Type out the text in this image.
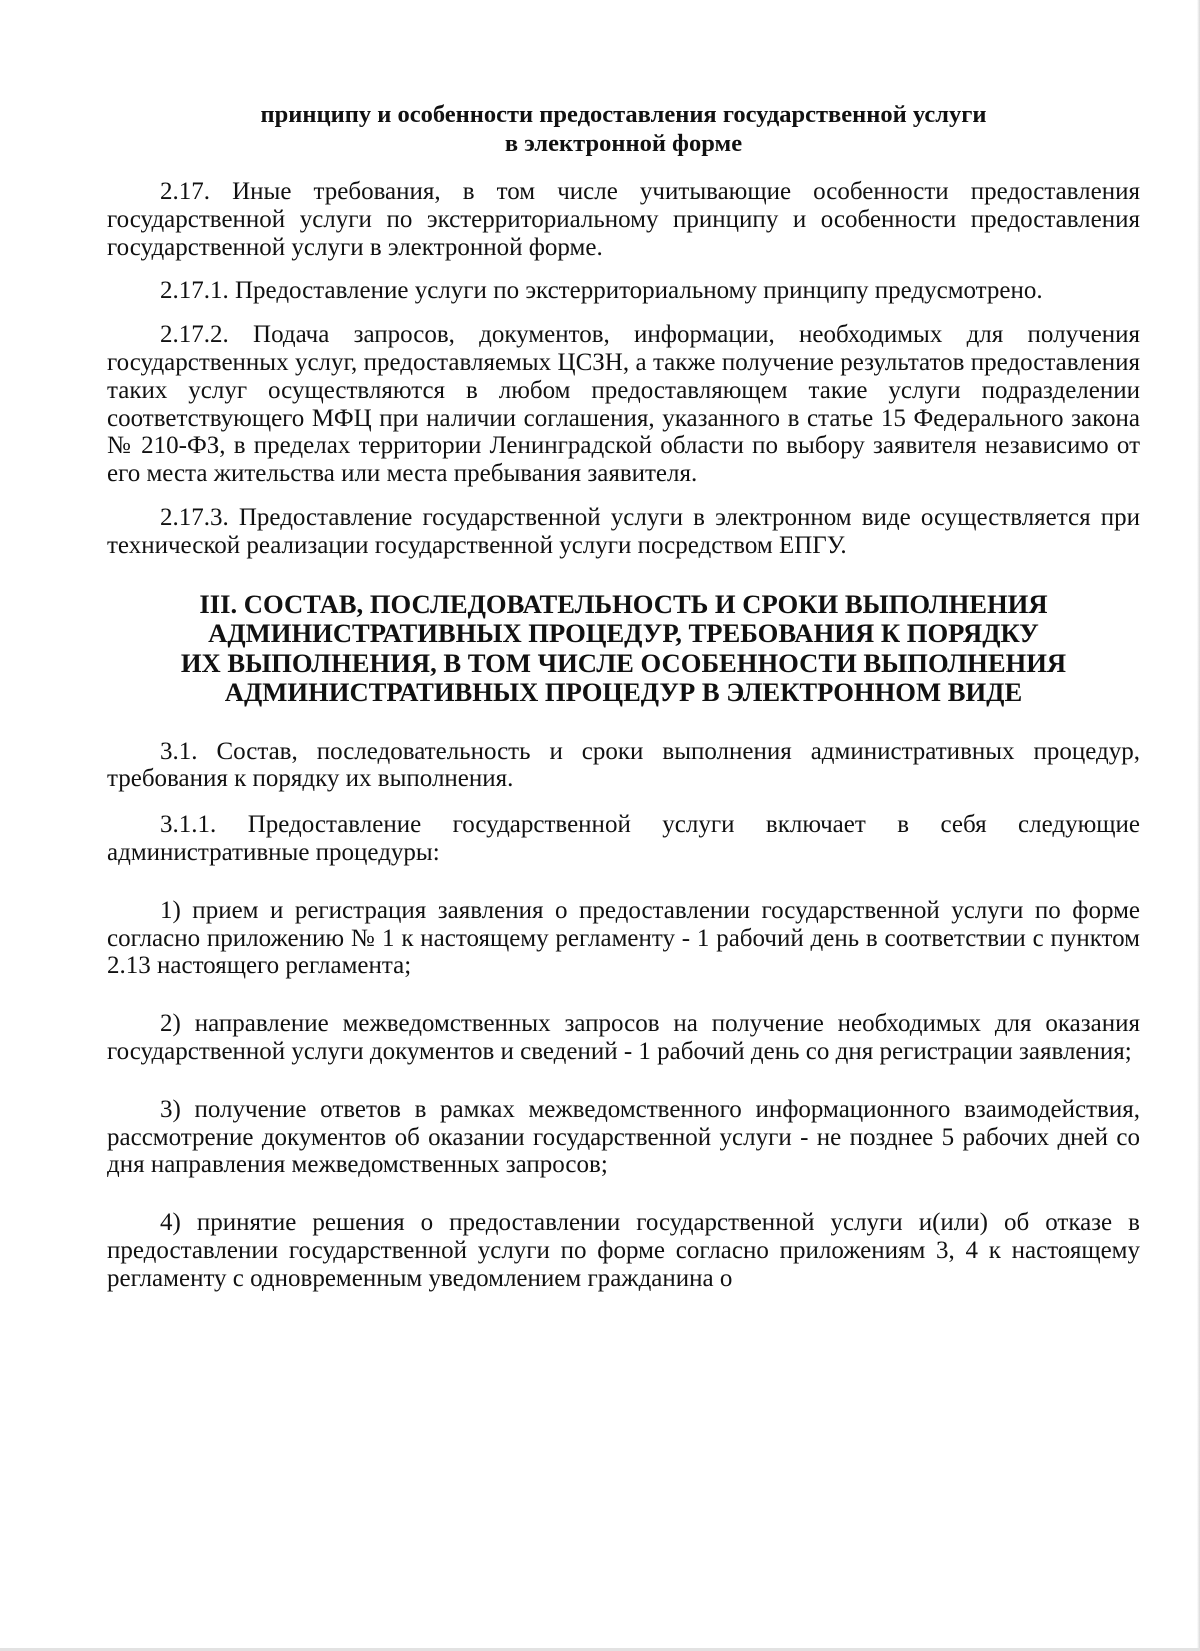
принципу и особенности предоставления государственной услуги
в электронной форме

2.17. Иные требования, в том числе учитывающие особенности предоставления государственной услуги по экстерриториальному принципу и особенности предоставления государственной услуги в электронной форме.

2.17.1. Предоставление услуги по экстерриториальному принципу предусмотрено.

2.17.2. Подача запросов, документов, информации, необходимых для получения государственных услуг, предоставляемых ЦСЗН, а также получение результатов предоставления таких услуг осуществляются в любом предоставляющем такие услуги подразделении соответствующего МФЦ при наличии соглашения, указанного в статье 15 Федерального закона № 210-ФЗ, в пределах территории Ленинградской области по выбору заявителя независимо от его места жительства или места пребывания заявителя.

2.17.3. Предоставление государственной услуги в электронном виде осуществляется при технической реализации государственной услуги посредством ЕПГУ.

III. СОСТАВ, ПОСЛЕДОВАТЕЛЬНОСТЬ И СРОКИ ВЫПОЛНЕНИЯ
АДМИНИСТРАТИВНЫХ ПРОЦЕДУР, ТРЕБОВАНИЯ К ПОРЯДКУ
ИХ ВЫПОЛНЕНИЯ, В ТОМ ЧИСЛЕ ОСОБЕННОСТИ ВЫПОЛНЕНИЯ
АДМИНИСТРАТИВНЫХ ПРОЦЕДУР В ЭЛЕКТРОННОМ ВИДЕ

3.1. Состав, последовательность и сроки выполнения административных процедур, требования к порядку их выполнения.

3.1.1. Предоставление государственной услуги включает в себя следующие административные процедуры:

1) прием и регистрация заявления о предоставлении государственной услуги по форме согласно приложению № 1 к настоящему регламенту - 1 рабочий день в соответствии с пунктом 2.13 настоящего регламента;

2) направление межведомственных запросов на получение необходимых для оказания государственной услуги документов и сведений - 1 рабочий день со дня регистрации заявления;

3) получение ответов в рамках межведомственного информационного взаимодействия, рассмотрение документов об оказании государственной услуги - не позднее 5 рабочих дней со дня направления межведомственных запросов;

4) принятие решения о предоставлении государственной услуги и(или) об отказе в предоставлении государственной услуги по форме согласно приложениям 3, 4 к настоящему регламенту с одновременным уведомлением гражданина о
